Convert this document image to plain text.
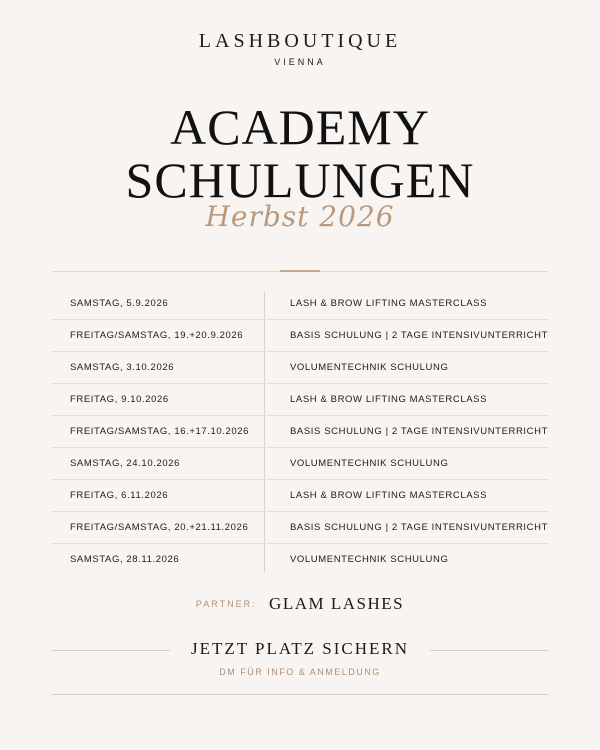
LASHBOUTIQUE
VIENNA
ACADEMY
SCHULUNGEN
Herbst 2026
SAMSTAG, 5.9.2026	LASH & BROW LIFTING MASTERCLASS
FREITAG/SAMSTAG, 19.+20.9.2026	BASIS SCHULUNG | 2 TAGE INTENSIVUNTERRICHT
SAMSTAG, 3.10.2026	VOLUMENTECHNIK SCHULUNG
FREITAG, 9.10.2026	LASH & BROW LIFTING MASTERCLASS
FREITAG/SAMSTAG, 16.+17.10.2026	BASIS SCHULUNG | 2 TAGE INTENSIVUNTERRICHT
SAMSTAG, 24.10.2026	VOLUMENTECHNIK SCHULUNG
FREITAG, 6.11.2026	LASH & BROW LIFTING MASTERCLASS
FREITAG/SAMSTAG, 20.+21.11.2026	BASIS SCHULUNG | 2 TAGE INTENSIVUNTERRICHT
SAMSTAG, 28.11.2026	VOLUMENTECHNIK SCHULUNG
PARTNER: GLAM LASHES
JETZT PLATZ SICHERN
DM FÜR INFO & ANMELDUNG
